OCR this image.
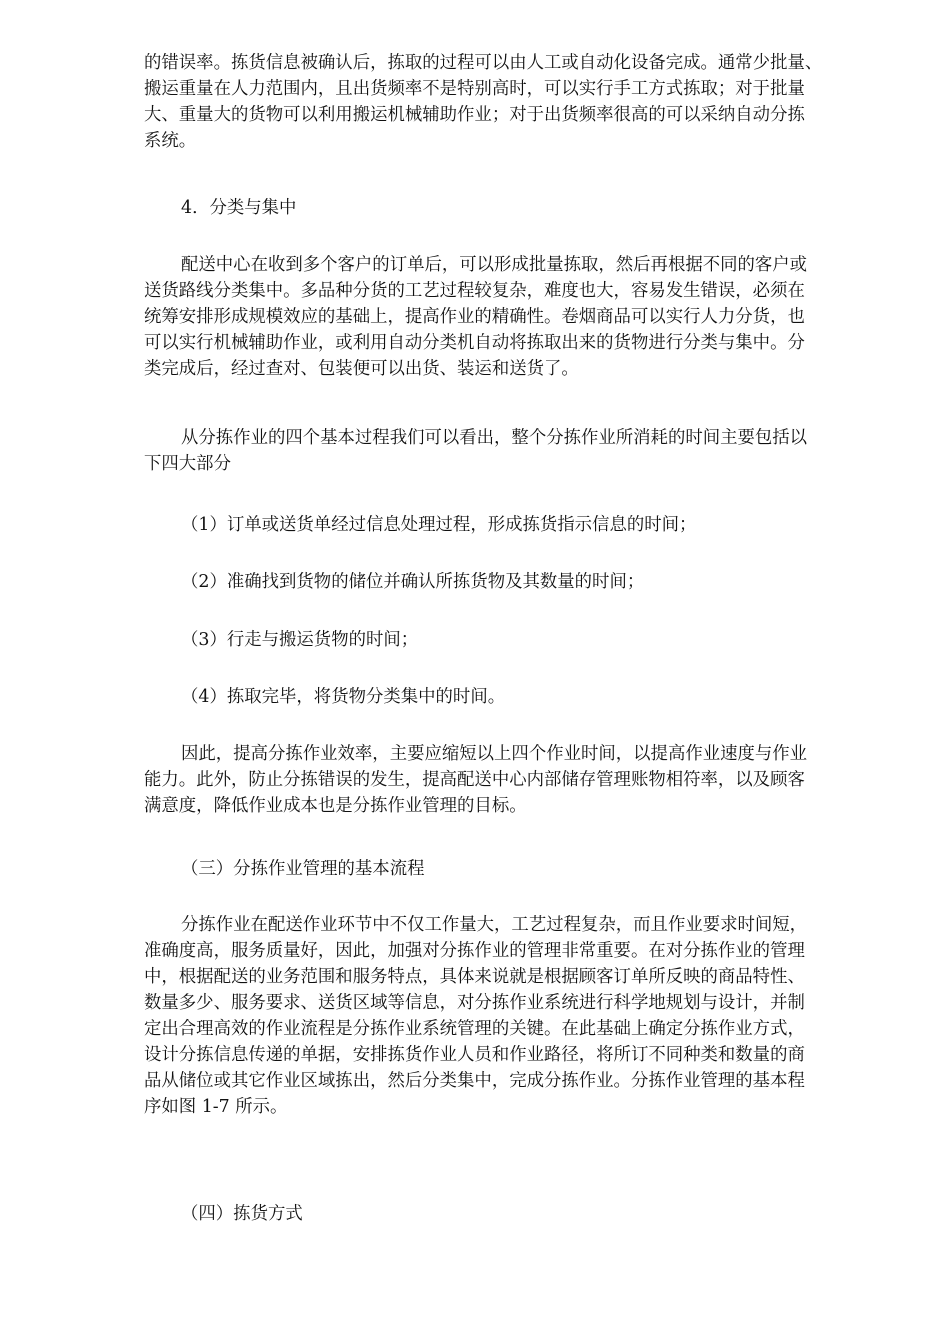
的错误率。拣货信息被确认后，拣取的过程可以由人工或自动化设备完成。通常少批量、
搬运重量在人力范围内，且出货频率不是特别高时，可以实行手工方式拣取；对于批量
大、重量大的货物可以利用搬运机械辅助作业；对于出货频率很高的可以采纳自动分拣
系统。

4．分类与集中

配送中心在收到多个客户的订单后，可以形成批量拣取，然后再根据不同的客户或
送货路线分类集中。多品种分货的工艺过程较复杂，难度也大，容易发生错误，必须在
统筹安排形成规模效应的基础上，提高作业的精确性。卷烟商品可以实行人力分货，也
可以实行机械辅助作业，或利用自动分类机自动将拣取出来的货物进行分类与集中。分
类完成后，经过查对、包装便可以出货、装运和送货了。

从分拣作业的四个基本过程我们可以看出，整个分拣作业所消耗的时间主要包括以
下四大部分

（1）订单或送货单经过信息处理过程，形成拣货指示信息的时间；

（2）准确找到货物的储位并确认所拣货物及其数量的时间；

（3）行走与搬运货物的时间；

（4）拣取完毕，将货物分类集中的时间。

因此，提高分拣作业效率，主要应缩短以上四个作业时间，以提高作业速度与作业
能力。此外，防止分拣错误的发生，提高配送中心内部储存管理账物相符率，以及顾客
满意度，降低作业成本也是分拣作业管理的目标。

（三）分拣作业管理的基本流程

分拣作业在配送作业环节中不仅工作量大，工艺过程复杂，而且作业要求时间短，
准确度高，服务质量好，因此，加强对分拣作业的管理非常重要。在对分拣作业的管理
中，根据配送的业务范围和服务特点，具体来说就是根据顾客订单所反映的商品特性、
数量多少、服务要求、送货区域等信息，对分拣作业系统进行科学地规划与设计，并制
定出合理高效的作业流程是分拣作业系统管理的关键。在此基础上确定分拣作业方式，
设计分拣信息传递的单据，安排拣货作业人员和作业路径，将所订不同种类和数量的商
品从储位或其它作业区域拣出，然后分类集中，完成分拣作业。分拣作业管理的基本程
序如图 1-7 所示。

（四）拣货方式
